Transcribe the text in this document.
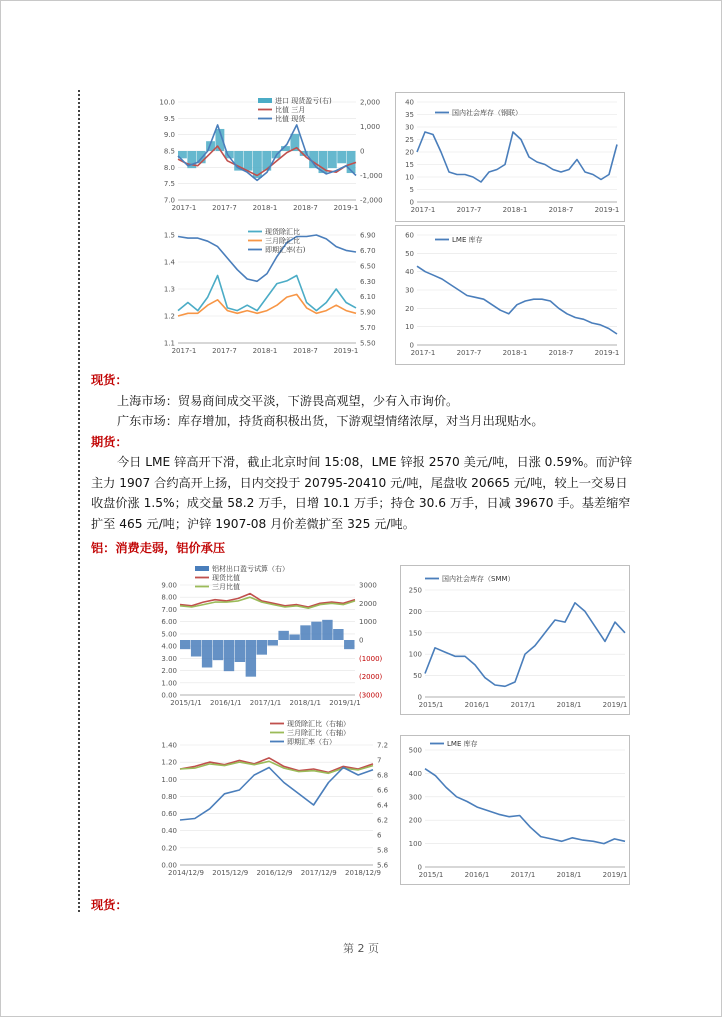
10.0
9.5
9.0
8.5
8.0
7.5
7.0
2,000
1,000
0
-1,000
-2,000
2017-1 2017-7 2018-1 2018-7 2019-1
进口 现货盈亏(右)
比值 三月
比值 现货
40
35
30
25
20
15
10
5
0
2017-1	2017-7	2018-1	2018-7	2019-1
国内社会库存（钢联）
1.5
1.4
1.3
1.2
1.1
6.90
6.70
6.50
6.30
6.10
5.90
5.70
5.50
2017-1 2017-7 2018-1 2018-7 2019-1
现货除汇比
三月除汇比
即期汇率(右)
60
50
40
30
20
10
0
2017-1	2017-7	2018-1	2018-7	2019-1
LME 库存
现货：
上海市场：贸易商间成交平淡，下游畏高观望，少有入市询价。
广东市场：库存增加，持货商积极出货，下游观望情绪浓厚，对当月出现贴水。
期货：
今日 LME 锌高开下滑，截止北京时间 15:08，LME 锌报 2570 美元/吨，日涨 0.59%。而沪锌
主力 1907 合约高开上扬，日内交投于 20795-20410 元/吨，尾盘收 20665 元/吨，较上一交易日
收盘价涨 1.5%；成交量 58.2 万手，日增 10.1 万手；持仓 30.6 万手，日减 39670 手。基差缩窄
扩至 465 元/吨；沪锌 1907-08 月价差微扩至 325 元/吨。
铝：消费走弱，铝价承压
9.00
8.00
7.00
6.00
5.00
4.00
3.00
2.00
1.00
0.00
3000
2000
1000
0
(1000)
(2000)
(3000)
2015/1/1 2016/1/1 2017/1/1 2018/1/1 2019/1/1
铝材出口盈亏试算（右）
现货比值
三月比值	250
200
150
100
50
0
2015/1	2016/1	2017/1	2018/1	2019/1
国内社会库存（SMM）
1.40
1.20
1.00
0.80
0.60
0.40
0.20
0.00
7.2
7
6.8
6.6
6.4
6.2
6
5.8
5.6
2014/12/9 2015/12/9 2016/12/9 2017/12/9 2018/12/9
现货除汇比（右轴）
三月除汇比（右轴）
即期汇率（右）
500
400
300
200
100
0
2015/1	2016/1	2017/1	2018/1	2019/1
LME 库存
现货：
第 2 页
